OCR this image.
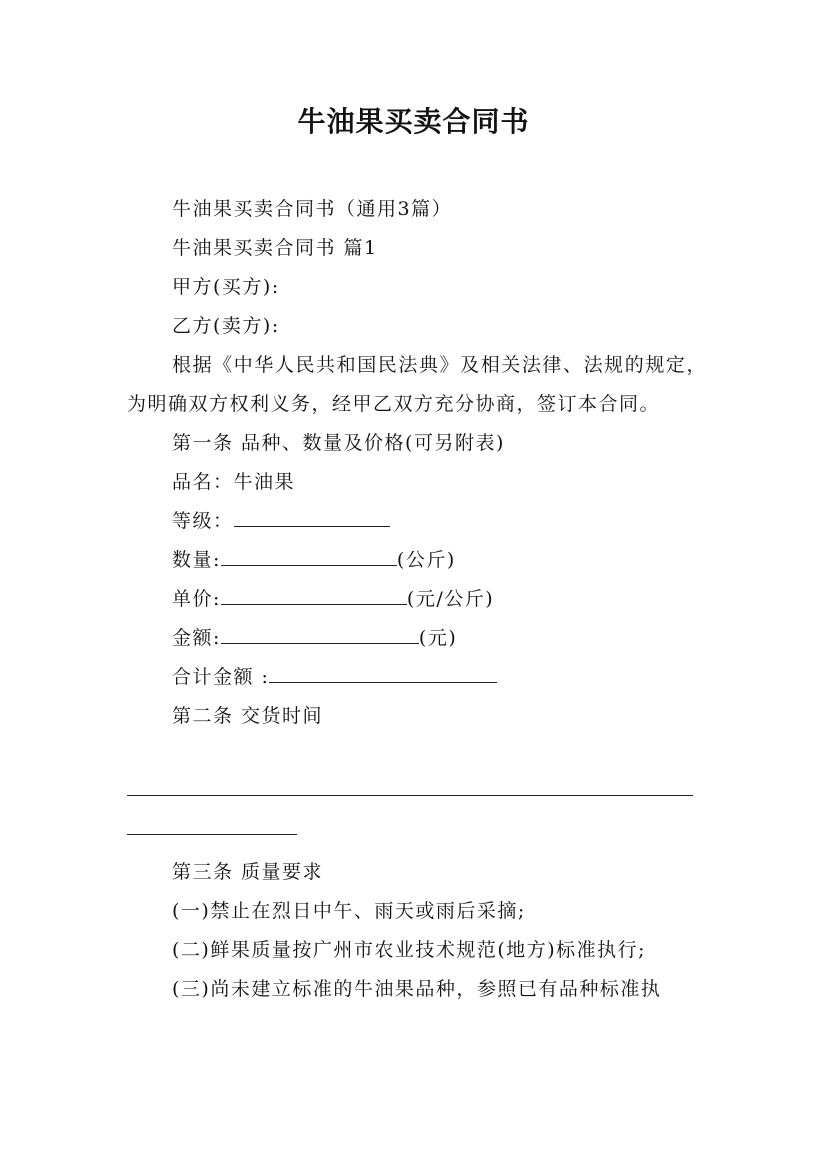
牛油果买卖合同书

牛油果买卖合同书（通用3篇）

牛油果买卖合同书 篇1

甲方(买方):

乙方(卖方):

根据《中华人民共和国民法典》及相关法律、法规的规定，为明确双方权利义务，经甲乙双方充分协商，签订本合同。

第一条 品种、数量及价格(可另附表)

品名：牛油果

等级：

数量:	(公斤)

单价:	(元/公斤)

金额:	(元)

合计金额 :

第二条 交货时间

第三条 质量要求

(一)禁止在烈日中午、雨天或雨后采摘;

(二)鲜果质量按广州市农业技术规范(地方)标准执行;

(三)尚未建立标准的牛油果品种，参照已有品种标准执
